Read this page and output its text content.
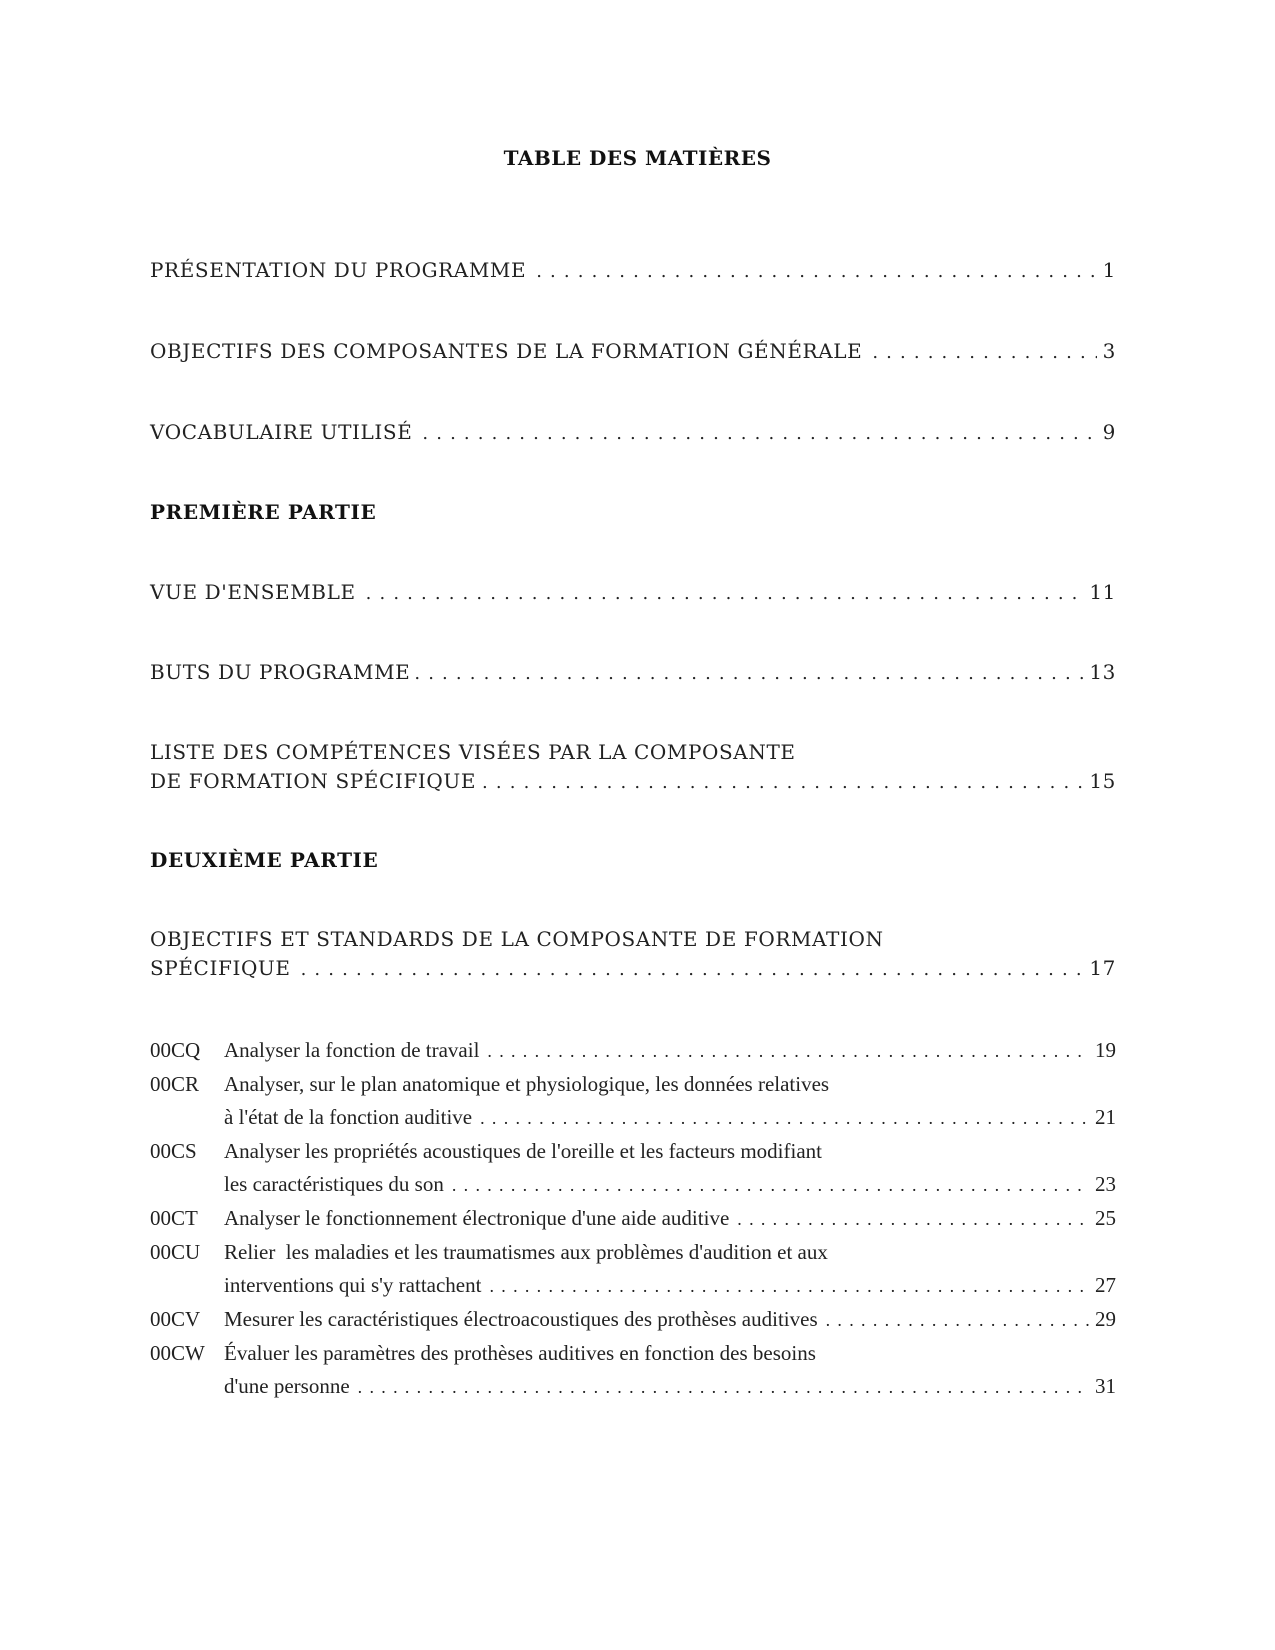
TABLE DES MATIÈRES
PRÉSENTATION DU PROGRAMME . . .	1
OBJECTIFS DES COMPOSANTES DE LA FORMATION GÉNÉRALE . . .	3
VOCABULAIRE UTILISÉ . . .	9
PREMIÈRE PARTIE
VUE D'ENSEMBLE . . .	11
BUTS DU PROGRAMME . . .	13
LISTE DES COMPÉTENCES VISÉES PAR LA COMPOSANTE
DE FORMATION SPÉCIFIQUE . . .	15
DEUXIÈME PARTIE
OBJECTIFS ET STANDARDS DE LA COMPOSANTE DE FORMATION
SPÉCIFIQUE . . .	17
00CQ	Analyser la fonction de travail . . .	19
00CR	Analyser, sur le plan anatomique et physiologique, les données relatives
à l'état de la fonction auditive . . .	21
00CS	Analyser les propriétés acoustiques de l'oreille et les facteurs modifiant
les caractéristiques du son . . .	23
00CT	Analyser le fonctionnement électronique d'une aide auditive . . .	25
00CU	Relier  les maladies et les traumatismes aux problèmes d'audition et aux
interventions qui s'y rattachent . . .	27
00CV	Mesurer les caractéristiques électroacoustiques des prothèses auditives . . .	29
00CW Évaluer les paramètres des prothèses auditives en fonction des besoins
d'une personne . . .	31
